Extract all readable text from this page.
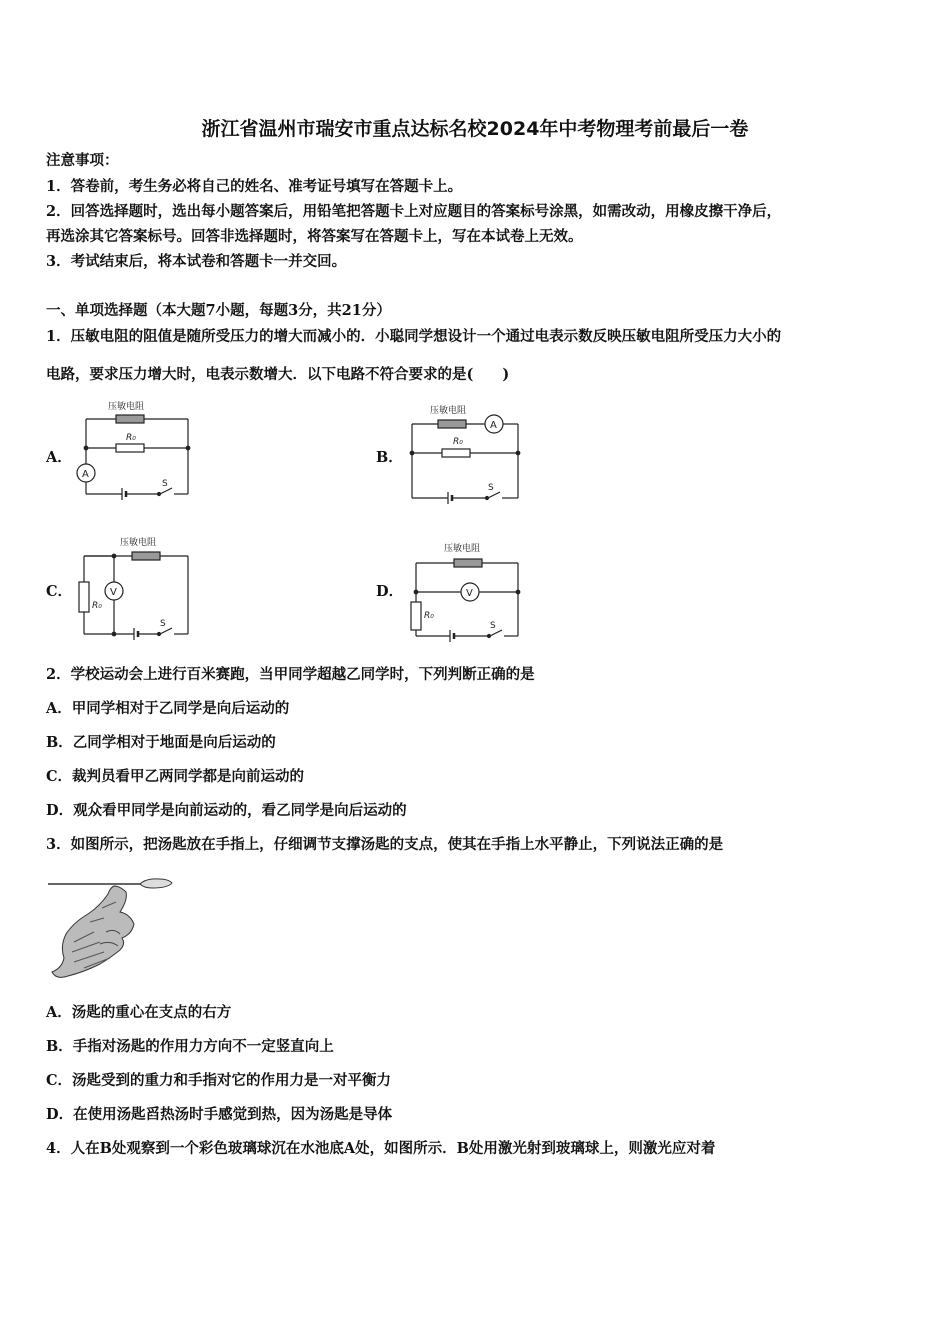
浙江省温州市瑞安市重点达标名校2024年中考物理考前最后一卷

注意事项：

1．答卷前，考生务必将自己的姓名、准考证号填写在答题卡上。

2．回答选择题时，选出每小题答案后，用铅笔把答题卡上对应题目的答案标号涂黑，如需改动，用橡皮擦干净后，

再选涂其它答案标号。回答非选择题时，将答案写在答题卡上，写在本试卷上无效。

3．考试结束后，将本试卷和答题卡一并交回。

一、单项选择题（本大题7小题，每题3分，共21分）

1．压敏电阻的阻值是随所受压力的增大而减小的．小聪同学想设计一个通过电表示数反映压敏电阻所受压力大小的

电路，要求压力增大时，电表示数增大．以下电路不符合要求的是(　　)

A．

压敏电阻
R₀
A
S

B．

压敏电阻
A
R₀
S

C．

压敏电阻
R₀
V
S

D．

压敏电阻
V
R₀
S

2．学校运动会上进行百米赛跑，当甲同学超越乙同学时，下列判断正确的是

A．甲同学相对于乙同学是向后运动的

B．乙同学相对于地面是向后运动的

C．裁判员看甲乙两同学都是向前运动的

D．观众看甲同学是向前运动的，看乙同学是向后运动的

3．如图所示，把汤匙放在手指上，仔细调节支撑汤匙的支点，使其在手指上水平静止，下列说法正确的是

A．汤匙的重心在支点的右方

B．手指对汤匙的作用力方向不一定竖直向上

C．汤匙受到的重力和手指对它的作用力是一对平衡力

D．在使用汤匙舀热汤时手感觉到热，因为汤匙是导体

4．人在B处观察到一个彩色玻璃球沉在水池底A处，如图所示．B处用激光射到玻璃球上，则激光应对着
